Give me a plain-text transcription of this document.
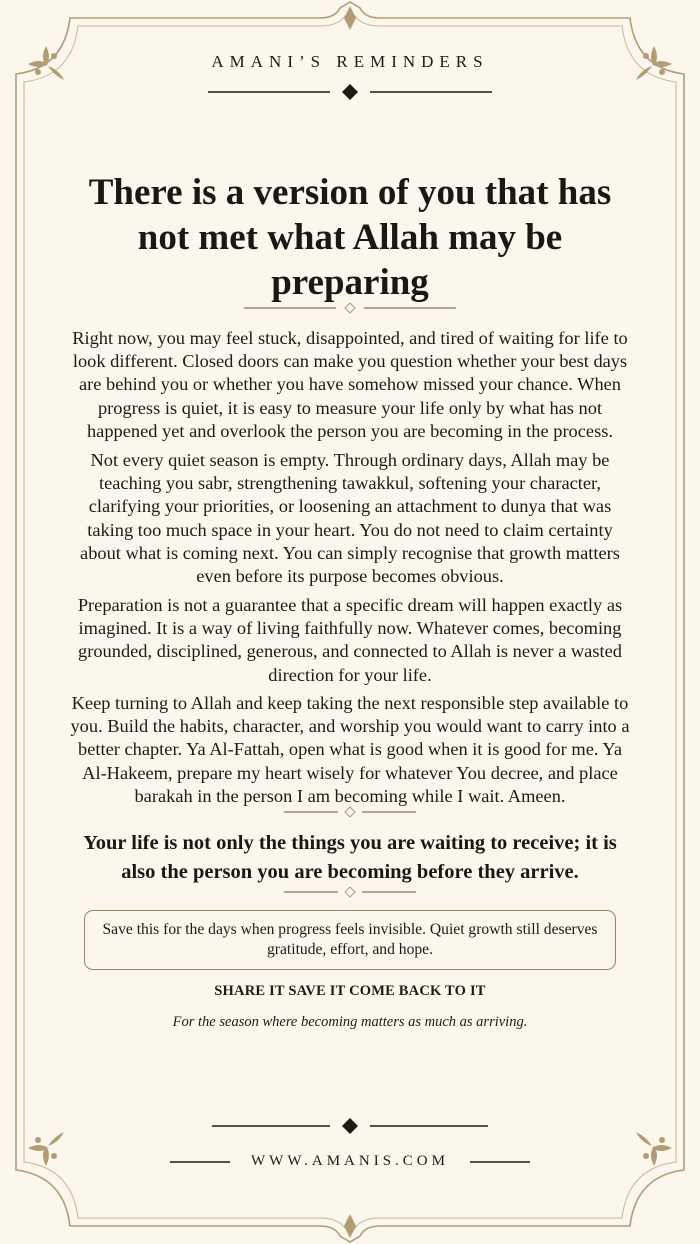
AMANI’S REMINDERS
There is a version of you that has not met what Allah may be preparing

Right now, you may feel stuck, disappointed, and tired of waiting for life to look different. Closed doors can make you question whether your best days are behind you or whether you have somehow missed your chance. When progress is quiet, it is easy to measure your life only by what has not happened yet and overlook the person you are becoming in the process.

Not every quiet season is empty. Through ordinary days, Allah may be teaching you sabr, strengthening tawakkul, softening your character, clarifying your priorities, or loosening an attachment to dunya that was taking too much space in your heart. You do not need to claim certainty about what is coming next. You can simply recognise that growth matters even before its purpose becomes obvious.

Preparation is not a guarantee that a specific dream will happen exactly as imagined. It is a way of living faithfully now. Whatever comes, becoming grounded, disciplined, generous, and connected to Allah is never a wasted direction for your life.

Keep turning to Allah and keep taking the next responsible step available to you. Build the habits, character, and worship you would want to carry into a better chapter. Ya Al-Fattah, open what is good when it is good for me. Ya Al-Hakeem, prepare my heart wisely for whatever You decree, and place barakah in the person I am becoming while I wait. Ameen.

Your life is not only the things you are waiting to receive; it is also the person you are becoming before they arrive.
Save this for the days when progress feels invisible. Quiet growth still deserves gratitude, effort, and hope.
SHARE IT SAVE IT COME BACK TO IT
For the season where becoming matters as much as arriving.
WWW.AMANIS.COM
